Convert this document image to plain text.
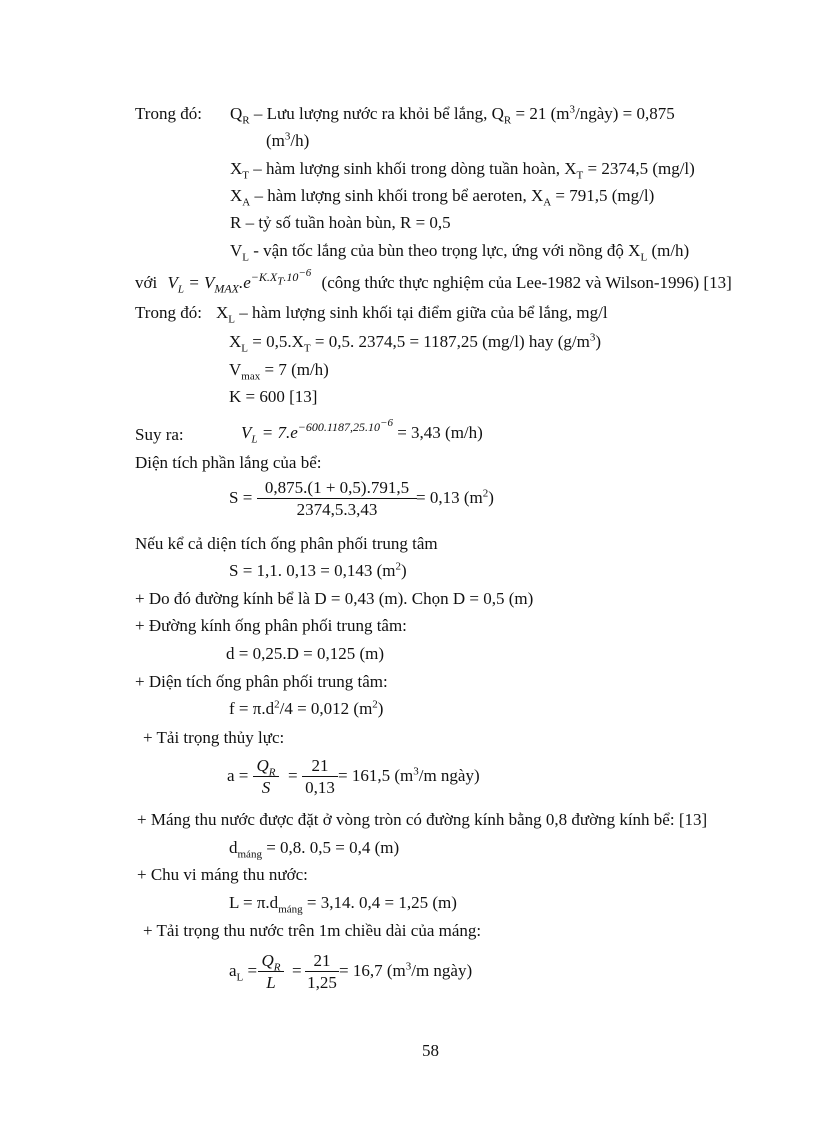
Trong đó: $Q_R$ – Lưu lượng nước ra khỏi bể lắng, $Q_R = 21$ $(m^3/ngày) = 0,875$
$(m^3/h)$
$X_T$ – hàm lượng sinh khối trong dòng tuần hoàn, $X_T = 2374,5$ (mg/l)
$X_A$ – hàm lượng sinh khối trong bể aeroten, $X_A = 791,5$ (mg/l)
R – tỷ số tuần hoàn bùn, R = 0,5
$V_L$ - vận tốc lắng của bùn theo trọng lực, ứng với nồng độ $X_L$ (m/h)
với $V_L = V_{MAX}.e^{-K.X_T.10^{-6}}$ (công thức thực nghiệm của Lee-1982 và Wilson-1996) [13]
Trong đó: $X_L$ – hàm lượng sinh khối tại điểm giữa của bể lắng, mg/l
$X_L = 0,5.X_T = 0,5$. 2374,5 = 1187,25 (mg/l) hay $(g/m^3)$
$V_{max} = 7$ (m/h)
K = 600 [13]
Suy ra:	$V_L = 7.e^{-600.1187,25.10^{-6}} = 3,43$ (m/h)
Diện tích phần lắng của bể:
S =
0,875.(1 + 0,5).791,5
2374,5.3,43
= 0,13 $(m^2)$
Nếu kể cả diện tích ống phân phối trung tâm
S = 1,1. 0,13 = 0,143 $(m^2)$
+ Do đó đường kính bể là D = 0,43 (m). Chọn D = 0,5 (m)
+ Đường kính ống phân phối trung tâm:
d = 0,25.D = 0,125 (m)
+ Diện tích ống phân phối trung tâm:
$f = \pi.d^2/4 = 0,012$ $(m^2)$
+ Tải trọng thủy lực:
a =
$Q_R$
S
=
21
0,13
= 161,5 ($m^3/m$ ngày)
+ Máng thu nước được đặt ở vòng tròn có đường kính bằng 0,8 đường kính bể: [13]
$d_{máng} = 0,8$. 0,5 = 0,4 (m)
+ Chu vi máng thu nước:
$L = \pi.d_{máng} = 3,14$. 0,4 = 1,25 (m)
+ Tải trọng thu nước trên 1m chiều dài của máng:
$a_L$ =
$Q_R$
L
=
21
1,25
= 16,7 ($m^3/m$ ngày)
58
